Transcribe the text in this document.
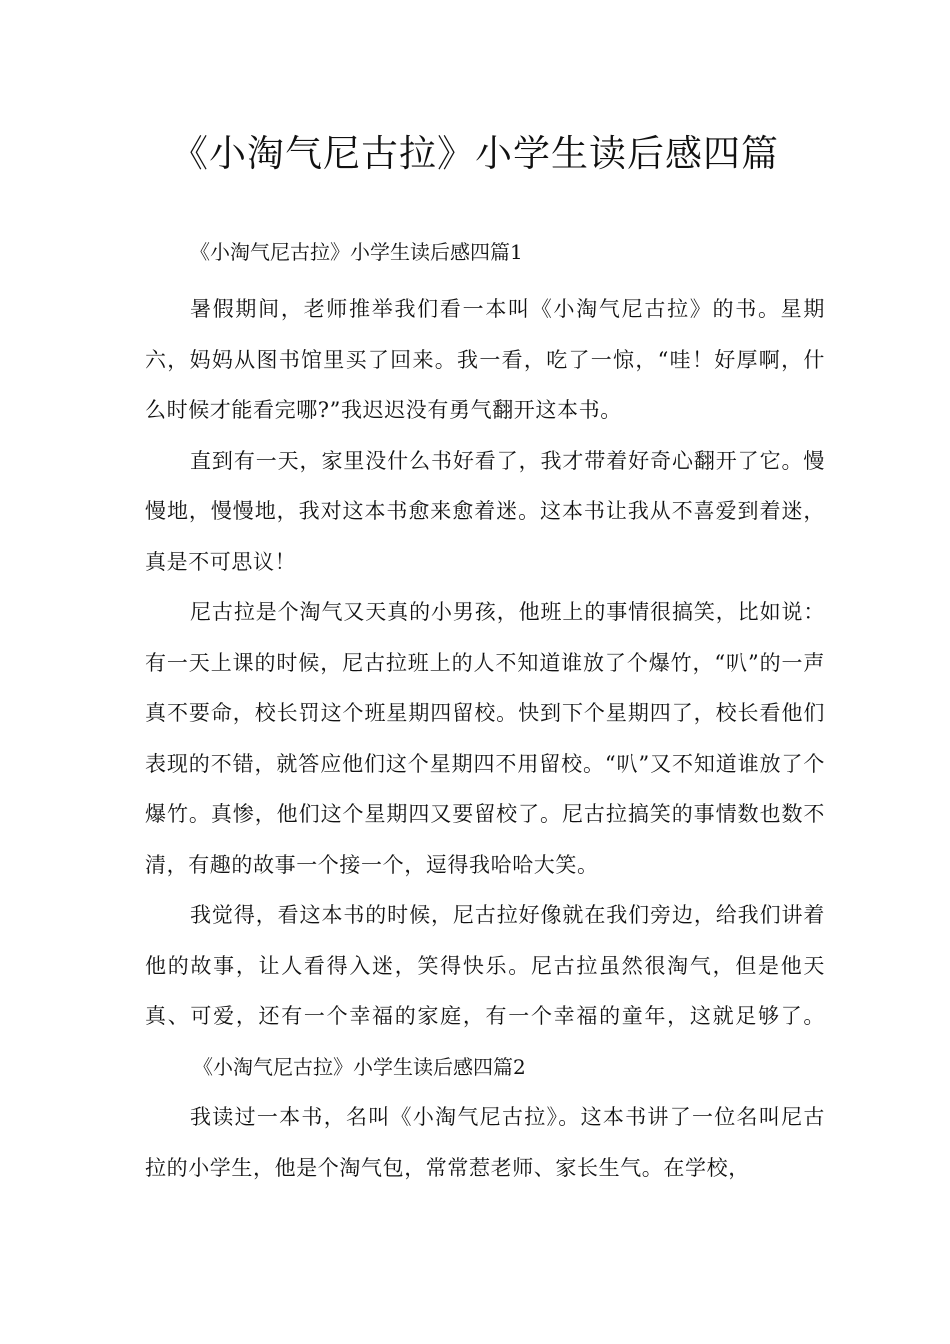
《小淘气尼古拉》小学生读后感四篇

《小淘气尼古拉》小学生读后感四篇1

暑假期间，老师推举我们看一本叫《小淘气尼古拉》的书。星期六，妈妈从图书馆里买了回来。我一看，吃了一惊，“哇！好厚啊，什么时候才能看完哪?”我迟迟没有勇气翻开这本书。

直到有一天，家里没什么书好看了，我才带着好奇心翻开了它。慢慢地，慢慢地，我对这本书愈来愈着迷。这本书让我从不喜爱到着迷，真是不可思议！

尼古拉是个淘气又天真的小男孩，他班上的事情很搞笑，比如说：有一天上课的时候，尼古拉班上的人不知道谁放了个爆竹，“叭”的一声真不要命，校长罚这个班星期四留校。快到下个星期四了，校长看他们表现的不错，就答应他们这个星期四不用留校。“叭”又不知道谁放了个爆竹。真惨，他们这个星期四又要留校了。尼古拉搞笑的事情数也数不清，有趣的故事一个接一个，逗得我哈哈大笑。

我觉得，看这本书的时候，尼古拉好像就在我们旁边，给我们讲着他的故事，让人看得入迷，笑得快乐。尼古拉虽然很淘气，但是他天真、可爱，还有一个幸福的家庭，有一个幸福的童年，这就足够了。《小淘气尼古拉》小学生读后感四篇2

我读过一本书，名叫《小淘气尼古拉》。这本书讲了一位名叫尼古拉的小学生，他是个淘气包，常常惹老师、家长生气。在学校，
